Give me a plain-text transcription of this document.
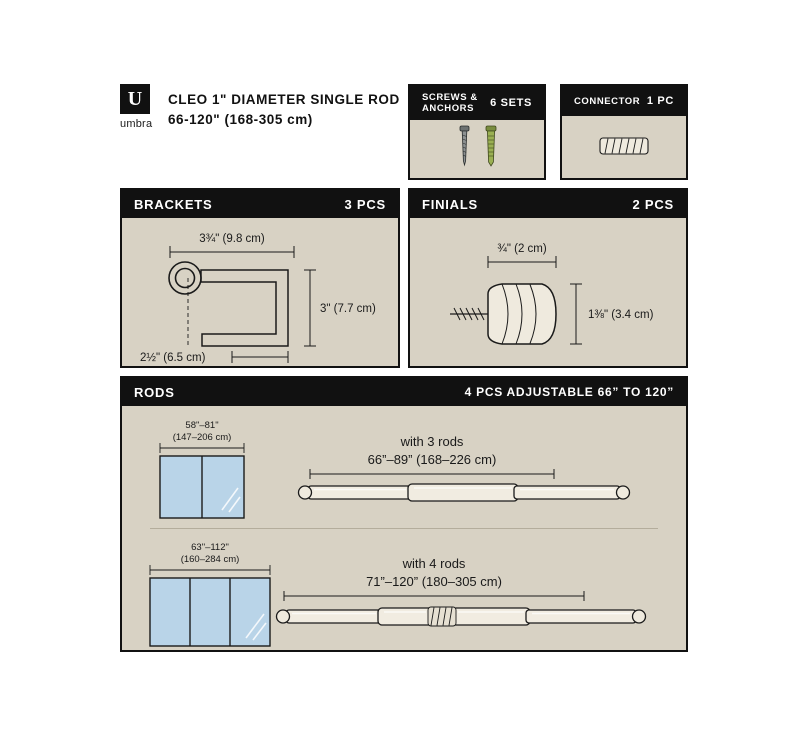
U
umbra
CLEO 1" DIAMETER SINGLE ROD
66-120" (168-305 cm)
SCREWS &
ANCHORS	6 SETS	CONNECTOR 1 PC
BRACKETS	3 PCS
3¾" (9.8 cm)
3" (7.7 cm)
2½" (6.5 cm)
FINIALS	2 PCS
¾" (2 cm)
1⅜" (3.4 cm)
RODS	4 PCS ADJUSTABLE 66” TO 120”
58"–81"
(147–206 cm)	with 3 rods
66”–89” (168–226 cm)
63"–112"
(160–284 cm)	with 4 rods
71”–120” (180–305 cm)
